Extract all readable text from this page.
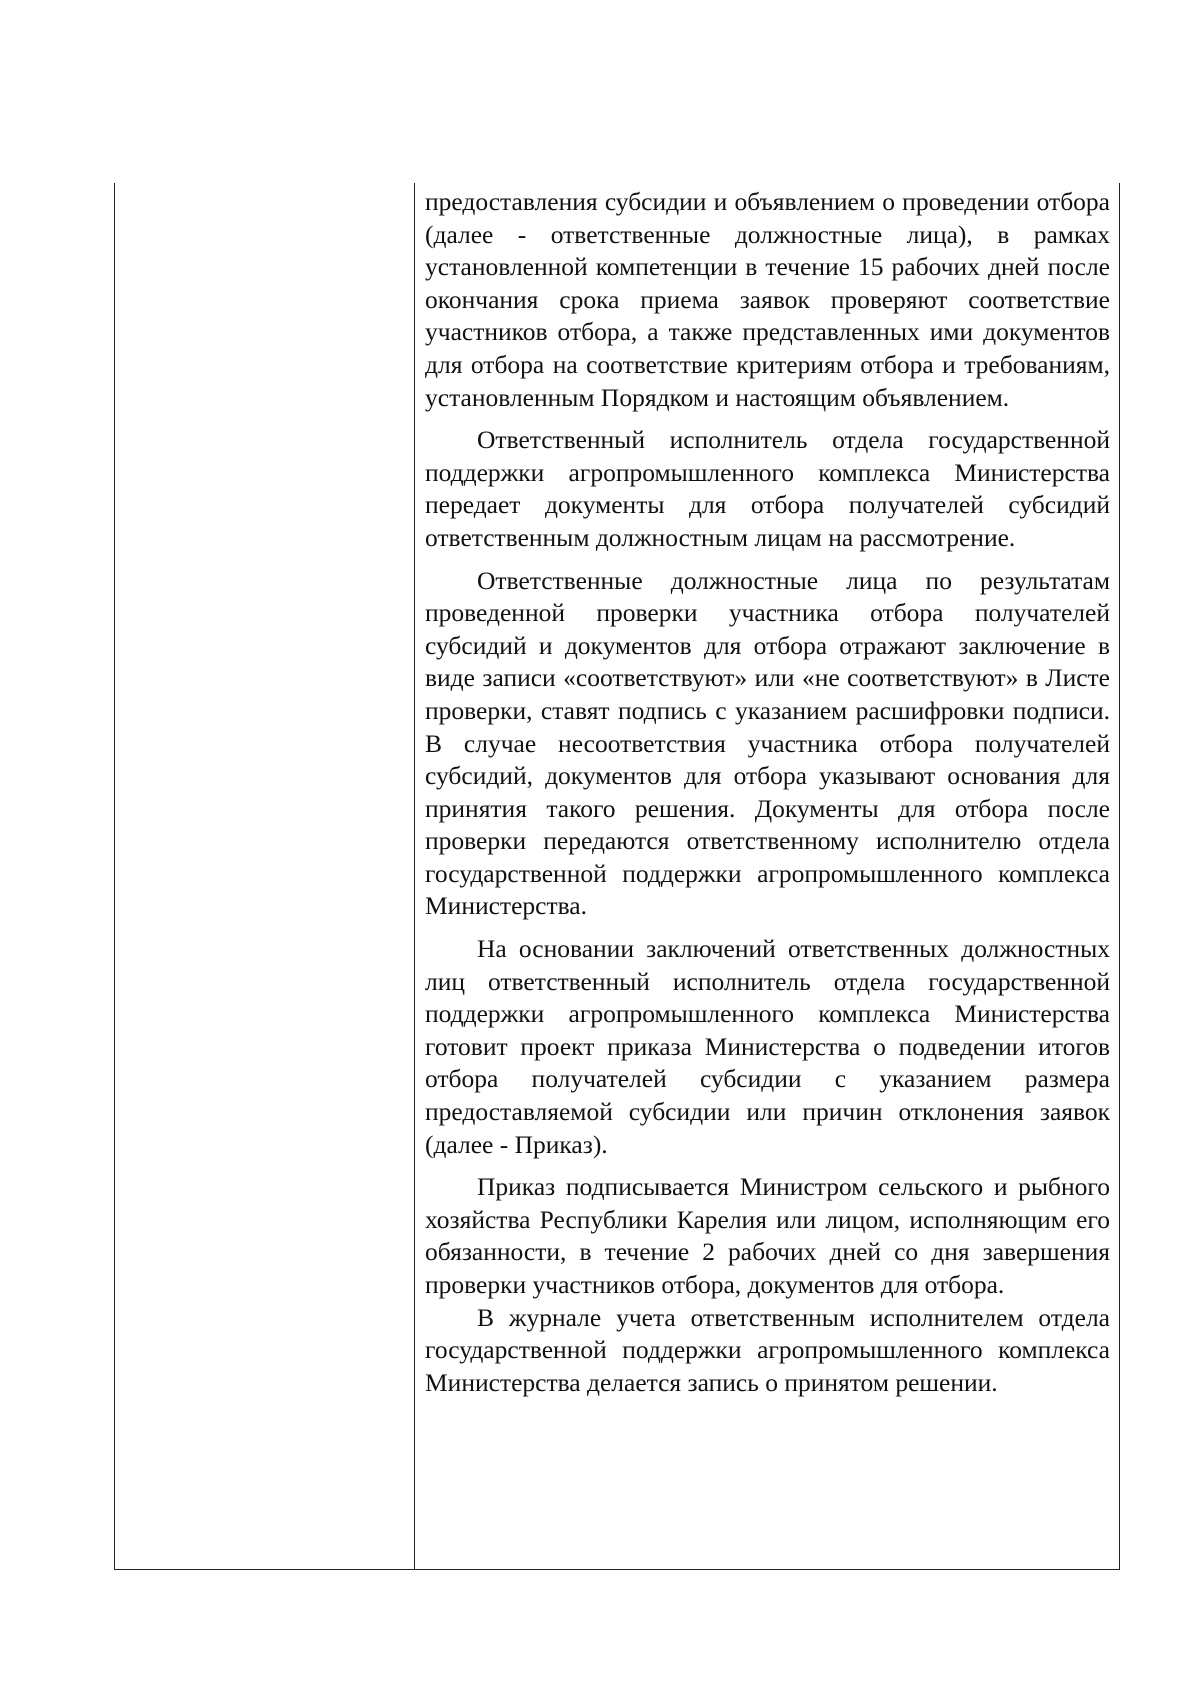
предоставления субсидии и объявлением о проведении отбора (далее - ответственные должностные лица), в рамках установленной компетенции в течение 15 рабочих дней после окончания срока приема заявок проверяют соответствие участников отбора, а также представленных ими документов для отбора на соответствие критериям отбора и требованиям, установленным Порядком и настоящим объявлением.

Ответственный исполнитель отдела государственной поддержки агропромышленного комплекса Министерства передает документы для отбора получателей субсидий ответственным должностным лицам на рассмотрение.

Ответственные должностные лица по результатам проведенной проверки участника отбора получателей субсидий и документов для отбора отражают заключение в виде записи «соответствуют» или «не соответствуют» в Листе проверки, ставят подпись с указанием расшифровки подписи. В случае несоответствия участника отбора получателей субсидий, документов для отбора указывают основания для принятия такого решения. Документы для отбора после проверки передаются ответственному исполнителю отдела государственной поддержки агропромышленного комплекса Министерства.

На основании заключений ответственных должностных лиц ответственный исполнитель отдела государственной поддержки агропромышленного комплекса Министерства готовит проект приказа Министерства о подведении итогов отбора получателей субсидии с указанием размера предоставляемой субсидии или причин отклонения заявок (далее - Приказ).

Приказ подписывается Министром сельского и рыбного хозяйства Республики Карелия или лицом, исполняющим его обязанности, в течение 2 рабочих дней со дня завершения проверки участников отбора, документов для отбора.

В журнале учета ответственным исполнителем отдела государственной поддержки агропромышленного комплекса Министерства делается запись о принятом решении.
